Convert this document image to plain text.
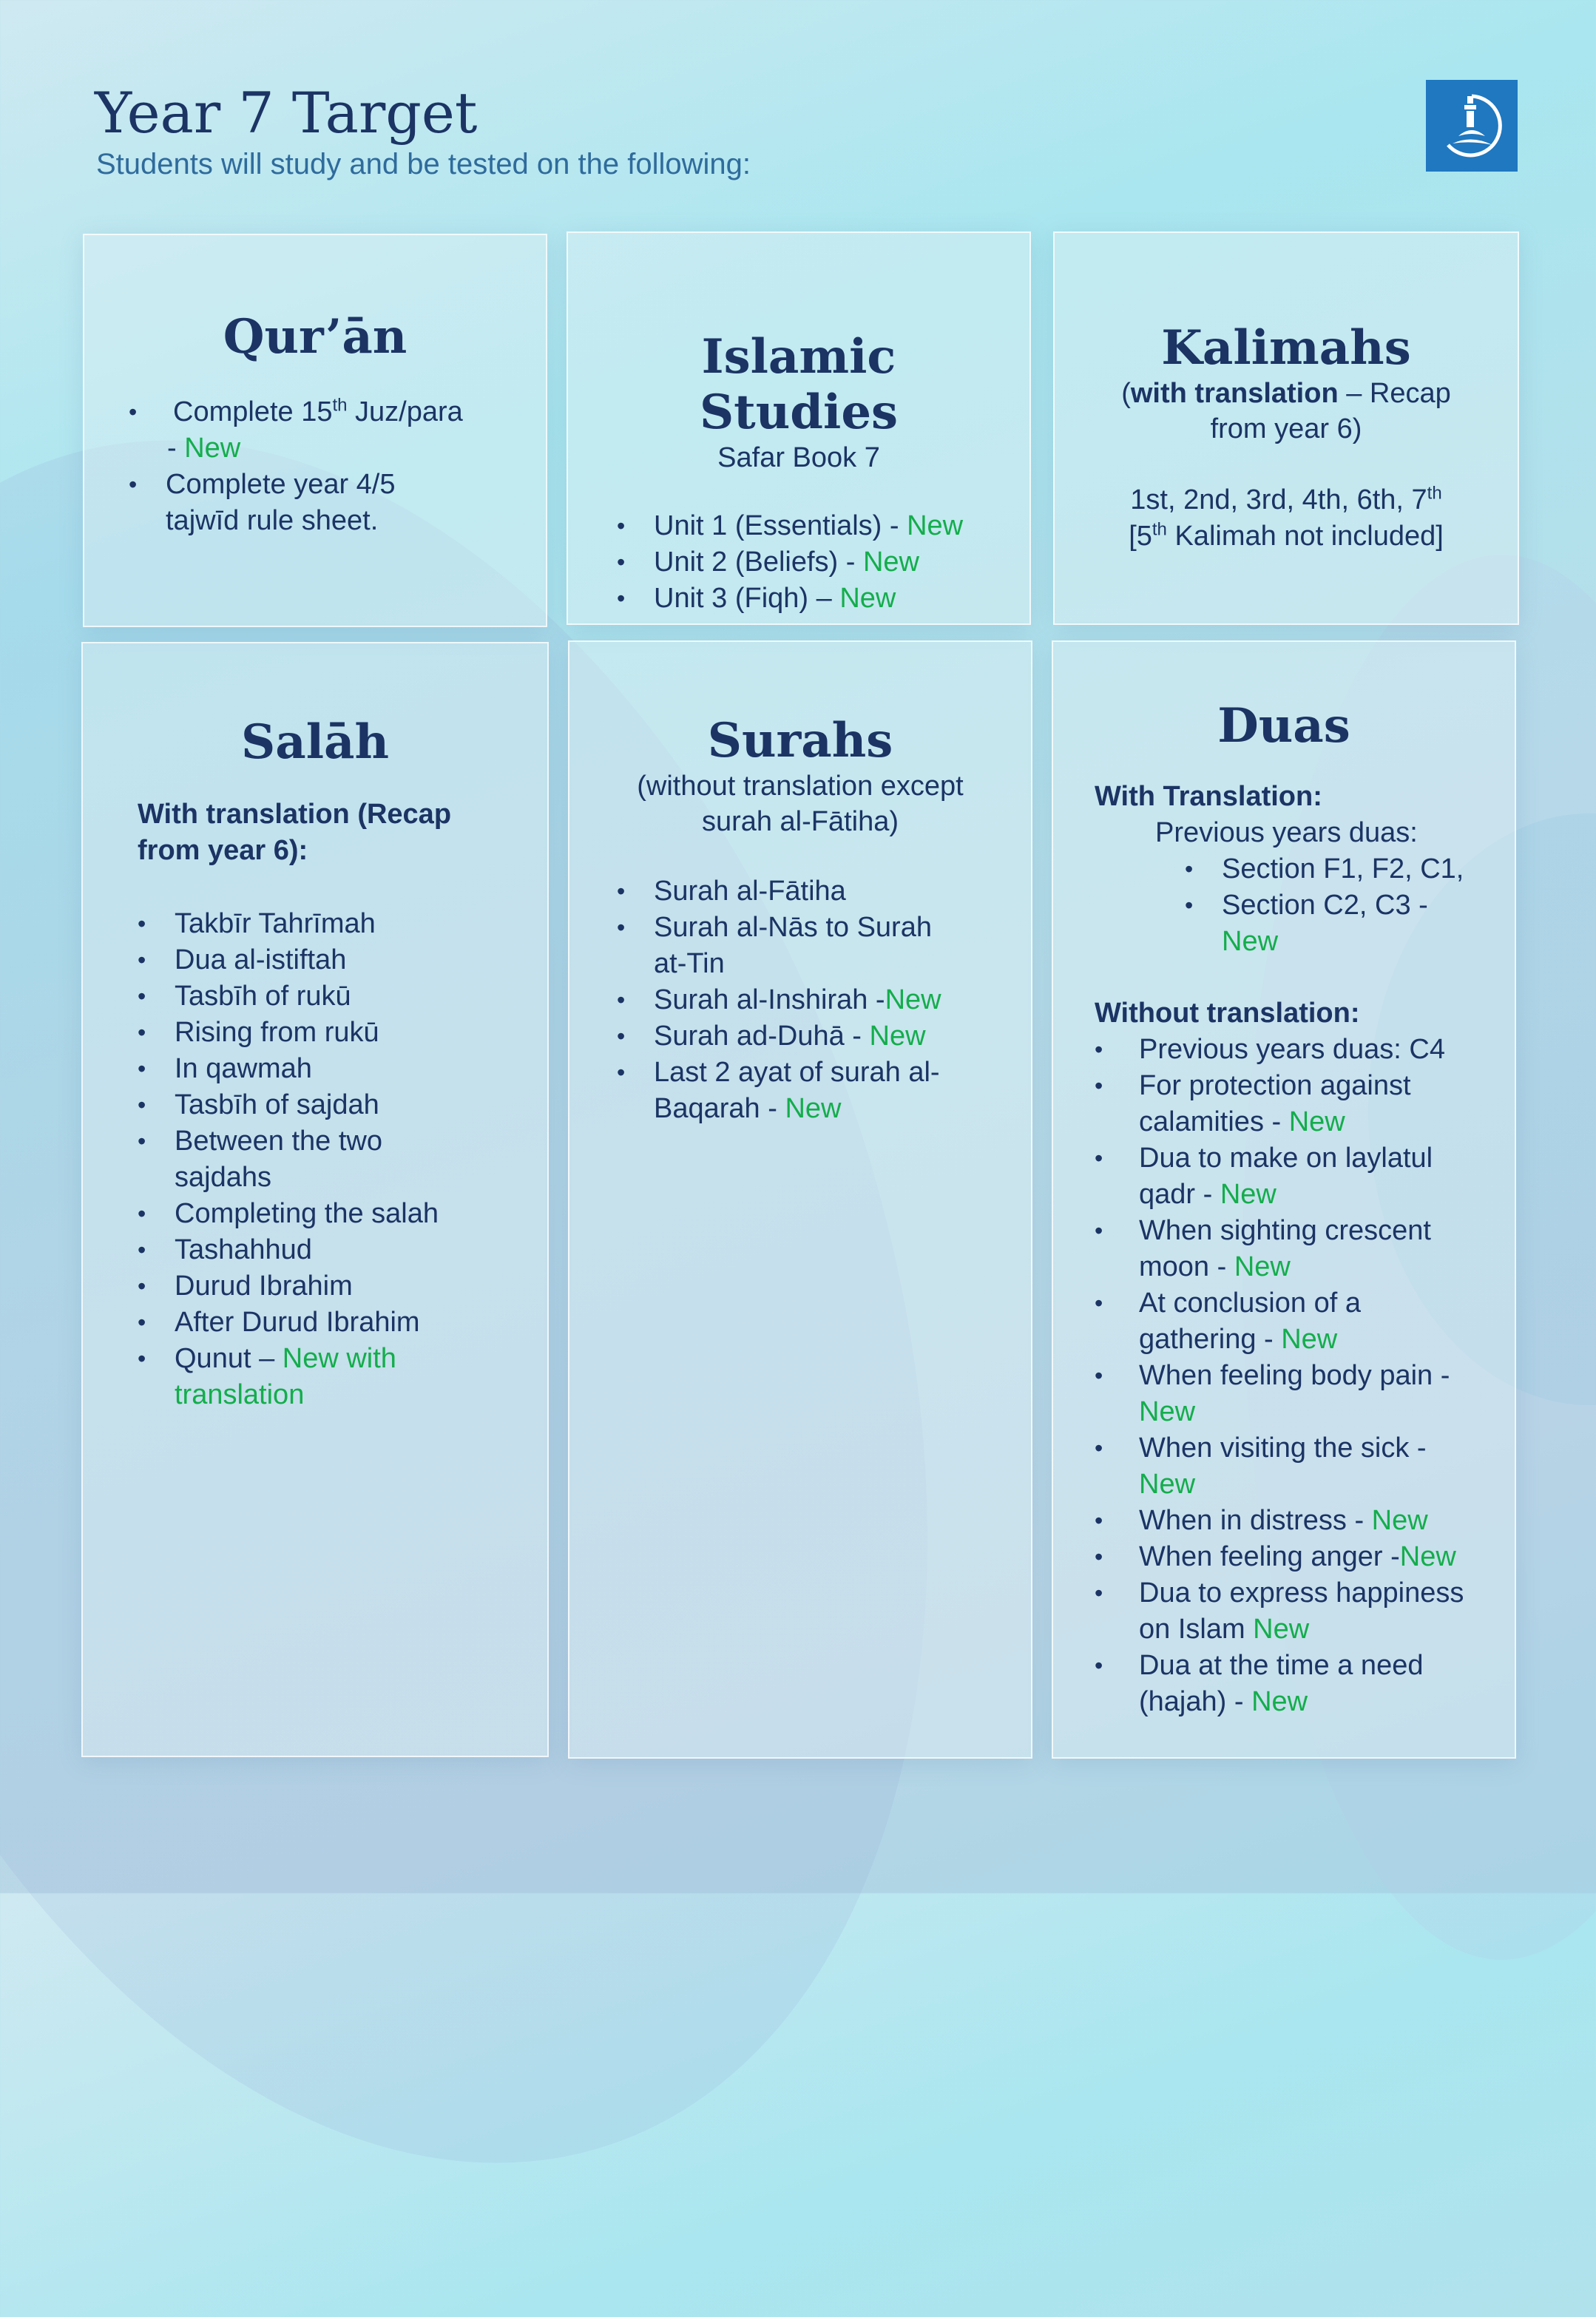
Year 7 Target
Students will study and be tested on the following:
Qur’ān
• Complete 15th Juz/para
- New
• Complete year 4/5
tajwīd rule sheet.
Islamic Studies
Safar Book 7
• Unit 1 (Essentials) - New
• Unit 2 (Beliefs) - New
• Unit 3 (Fiqh) – New
Kalimahs
(with translation – Recap
from year 6)
1st, 2nd, 3rd, 4th, 6th, 7th
[5th Kalimah not included]
Salāh
With translation (Recap
from year 6):
• Takbīr Tahrīmah
• Dua al-istiftah
• Tasbīh of rukū
• Rising from rukū
• In qawmah
• Tasbīh of sajdah
• Between the two sajdahs
• Completing the salah
• Tashahhud
• Durud Ibrahim
• After Durud Ibrahim
• Qunut – New with translation
Surahs
(without translation except
surah al-Fātiha)
• Surah al-Fātiha
• Surah al-Nās to Surah at-Tin
• Surah al-Inshirah -New
• Surah ad-Duhā - New
• Last 2 ayat of surah al-Baqarah - New
Duas
With Translation:
Previous years duas:
• Section F1, F2, C1,
• Section C2, C3 - New
Without translation:
• Previous years duas: C4
• For protection against calamities - New
• Dua to make on laylatul qadr - New
• When sighting crescent moon - New
• At conclusion of a gathering - New
• When feeling body pain - New
• When visiting the sick - New
• When in distress - New
• When feeling anger -New
• Dua to express happiness on Islam New
• Dua at the time a need (hajah) - New
